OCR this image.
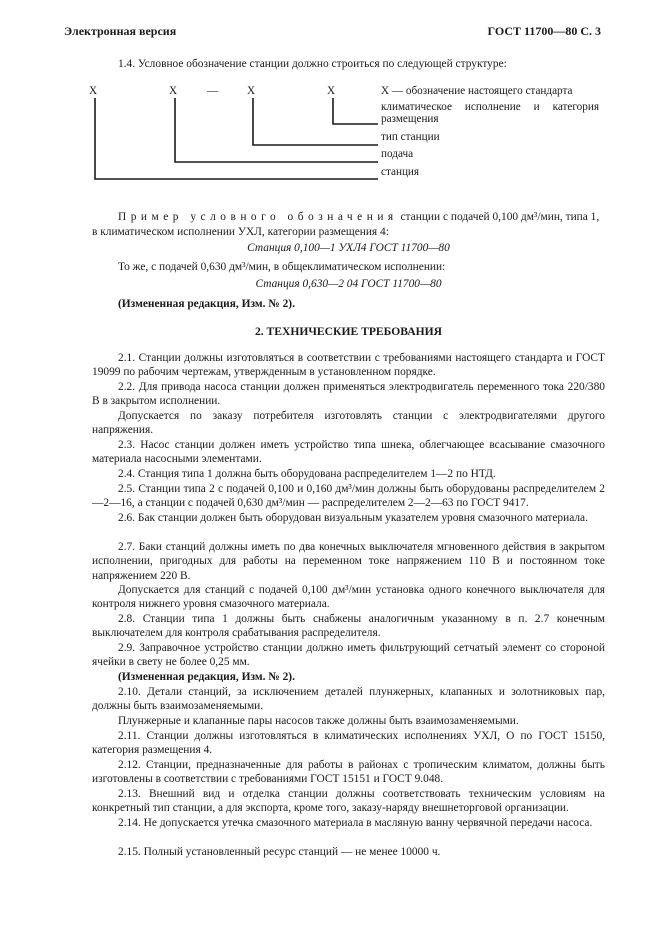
Электронная версия	ГОСТ 11700—80 С. 3
1.4. Условное обозначение станции должно строиться по следующей структуре:
Х	Х	—	Х	Х	Х — обозначение настоящего стандарта
климатическое исполнение и категория
размещения
тип станции
подача
станция
Пример условного обозначения станции с подачей 0,100 дм³/мин, типа 1,
в климатическом исполнении УХЛ, категории размещения 4:
Станция 0,100—1 УХЛ4 ГОСТ 11700—80
То же, с подачей 0,630 дм³/мин, в общеклиматическом исполнении:
Станция 0,630—2 04 ГОСТ 11700—80
(Измененная редакция, Изм. № 2).
2. ТЕХНИЧЕСКИЕ ТРЕБОВАНИЯ
2.1. Станции должны изготовляться в соответствии с требованиями настоящего стандарта и ГОСТ 19099 по рабочим чертежам, утвержденным в установленном порядке.
2.2. Для привода насоса станции должен применяться электродвигатель переменного тока 220/380 В в закрытом исполнении.
Допускается по заказу потребителя изготовлять станции с электродвигателями другого напряжения.
2.3. Насос станции должен иметь устройство типа шнека, облегчающее всасывание смазочного материала насосными элементами.
2.4. Станция типа 1 должна быть оборудована распределителем 1—2 по НТД.
2.5. Станции типа 2 с подачей 0,100 и 0,160 дм³/мин должны быть оборудованы распределителем 2—2—16, а станции с подачей 0,630 дм³/мин — распределителем 2—2—63 по ГОСТ 9417.
2.6. Бак станции должен быть оборудован визуальным указателем уровня смазочного материала.
2.7. Баки станций должны иметь по два конечных выключателя мгновенного действия в закрытом исполнении, пригодных для работы на переменном токе напряжением 110 В и постоянном токе напряжением 220 В.
Допускается для станций с подачей 0,100 дм³/мин установка одного конечного выключателя для контроля нижнего уровня смазочного материала.
2.8. Станции типа 1 должны быть снабжены аналогичным указанному в п. 2.7 конечным выключателем для контроля срабатывания распределителя.
2.9. Заправочное устройство станции должно иметь фильтрующий сетчатый элемент со стороной ячейки в свету не более 0,25 мм.
(Измененная редакция, Изм. № 2).
2.10. Детали станций, за исключением деталей плунжерных, клапанных и золотниковых пар, должны быть взаимозаменяемыми.
Плунжерные и клапанные пары насосов также должны быть взаимозаменяемыми.
2.11. Станции должны изготовляться в климатических исполнениях УХЛ, О по ГОСТ 15150, категория размещения 4.
2.12. Станции, предназначенные для работы в районах с тропическим климатом, должны быть изготовлены в соответствии с требованиями ГОСТ 15151 и ГОСТ 9.048.
2.13. Внешний вид и отделка станции должны соответствовать техническим условиям на конкретный тип станции, а для экспорта, кроме того, заказу-наряду внешнеторговой организации.
2.14. Не допускается утечка смазочного материала в масляную ванну червячной передачи насоса.
2.15. Полный установленный ресурс станций — не менее 10000 ч.
